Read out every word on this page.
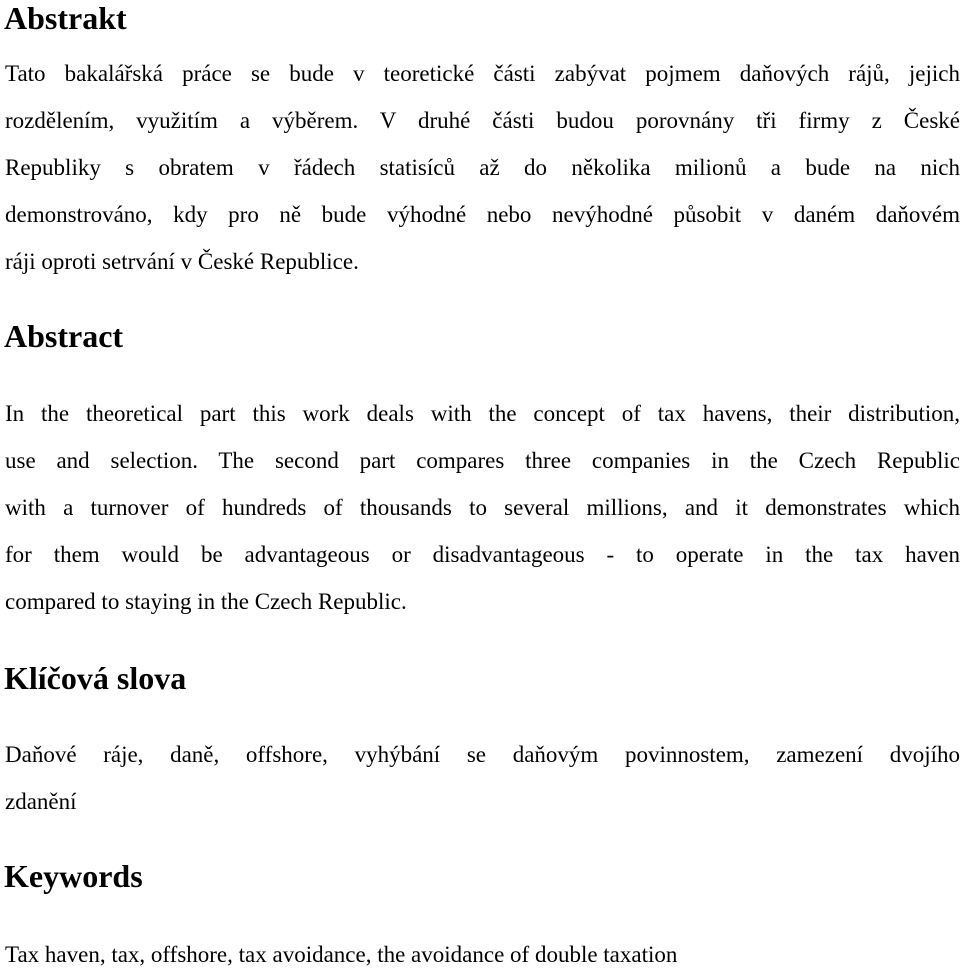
Abstrakt
Tato bakalářská práce se bude v teoretické části zabývat pojmem daňových rájů, jejich
rozdělením, využitím a výběrem. V druhé části budou porovnány tři firmy z České
Republiky s obratem v řádech statisíců až do několika milionů a bude na nich
demonstrováno, kdy pro ně bude výhodné nebo nevýhodné působit v daném daňovém
ráji oproti setrvání v České Republice.
Abstract
In the theoretical part this work deals with the concept of tax havens, their distribution,
use and selection. The second part compares three companies in the Czech Republic
with a turnover of hundreds of thousands to several millions, and it demonstrates which
for them would be advantageous or disadvantageous - to operate in the tax haven
compared to staying in the Czech Republic.
Klíčová slova
Daňové ráje, daně, offshore, vyhýbání se daňovým povinnostem, zamezení dvojího
zdanění
Keywords
Tax haven, tax, offshore, tax avoidance, the avoidance of double taxation
